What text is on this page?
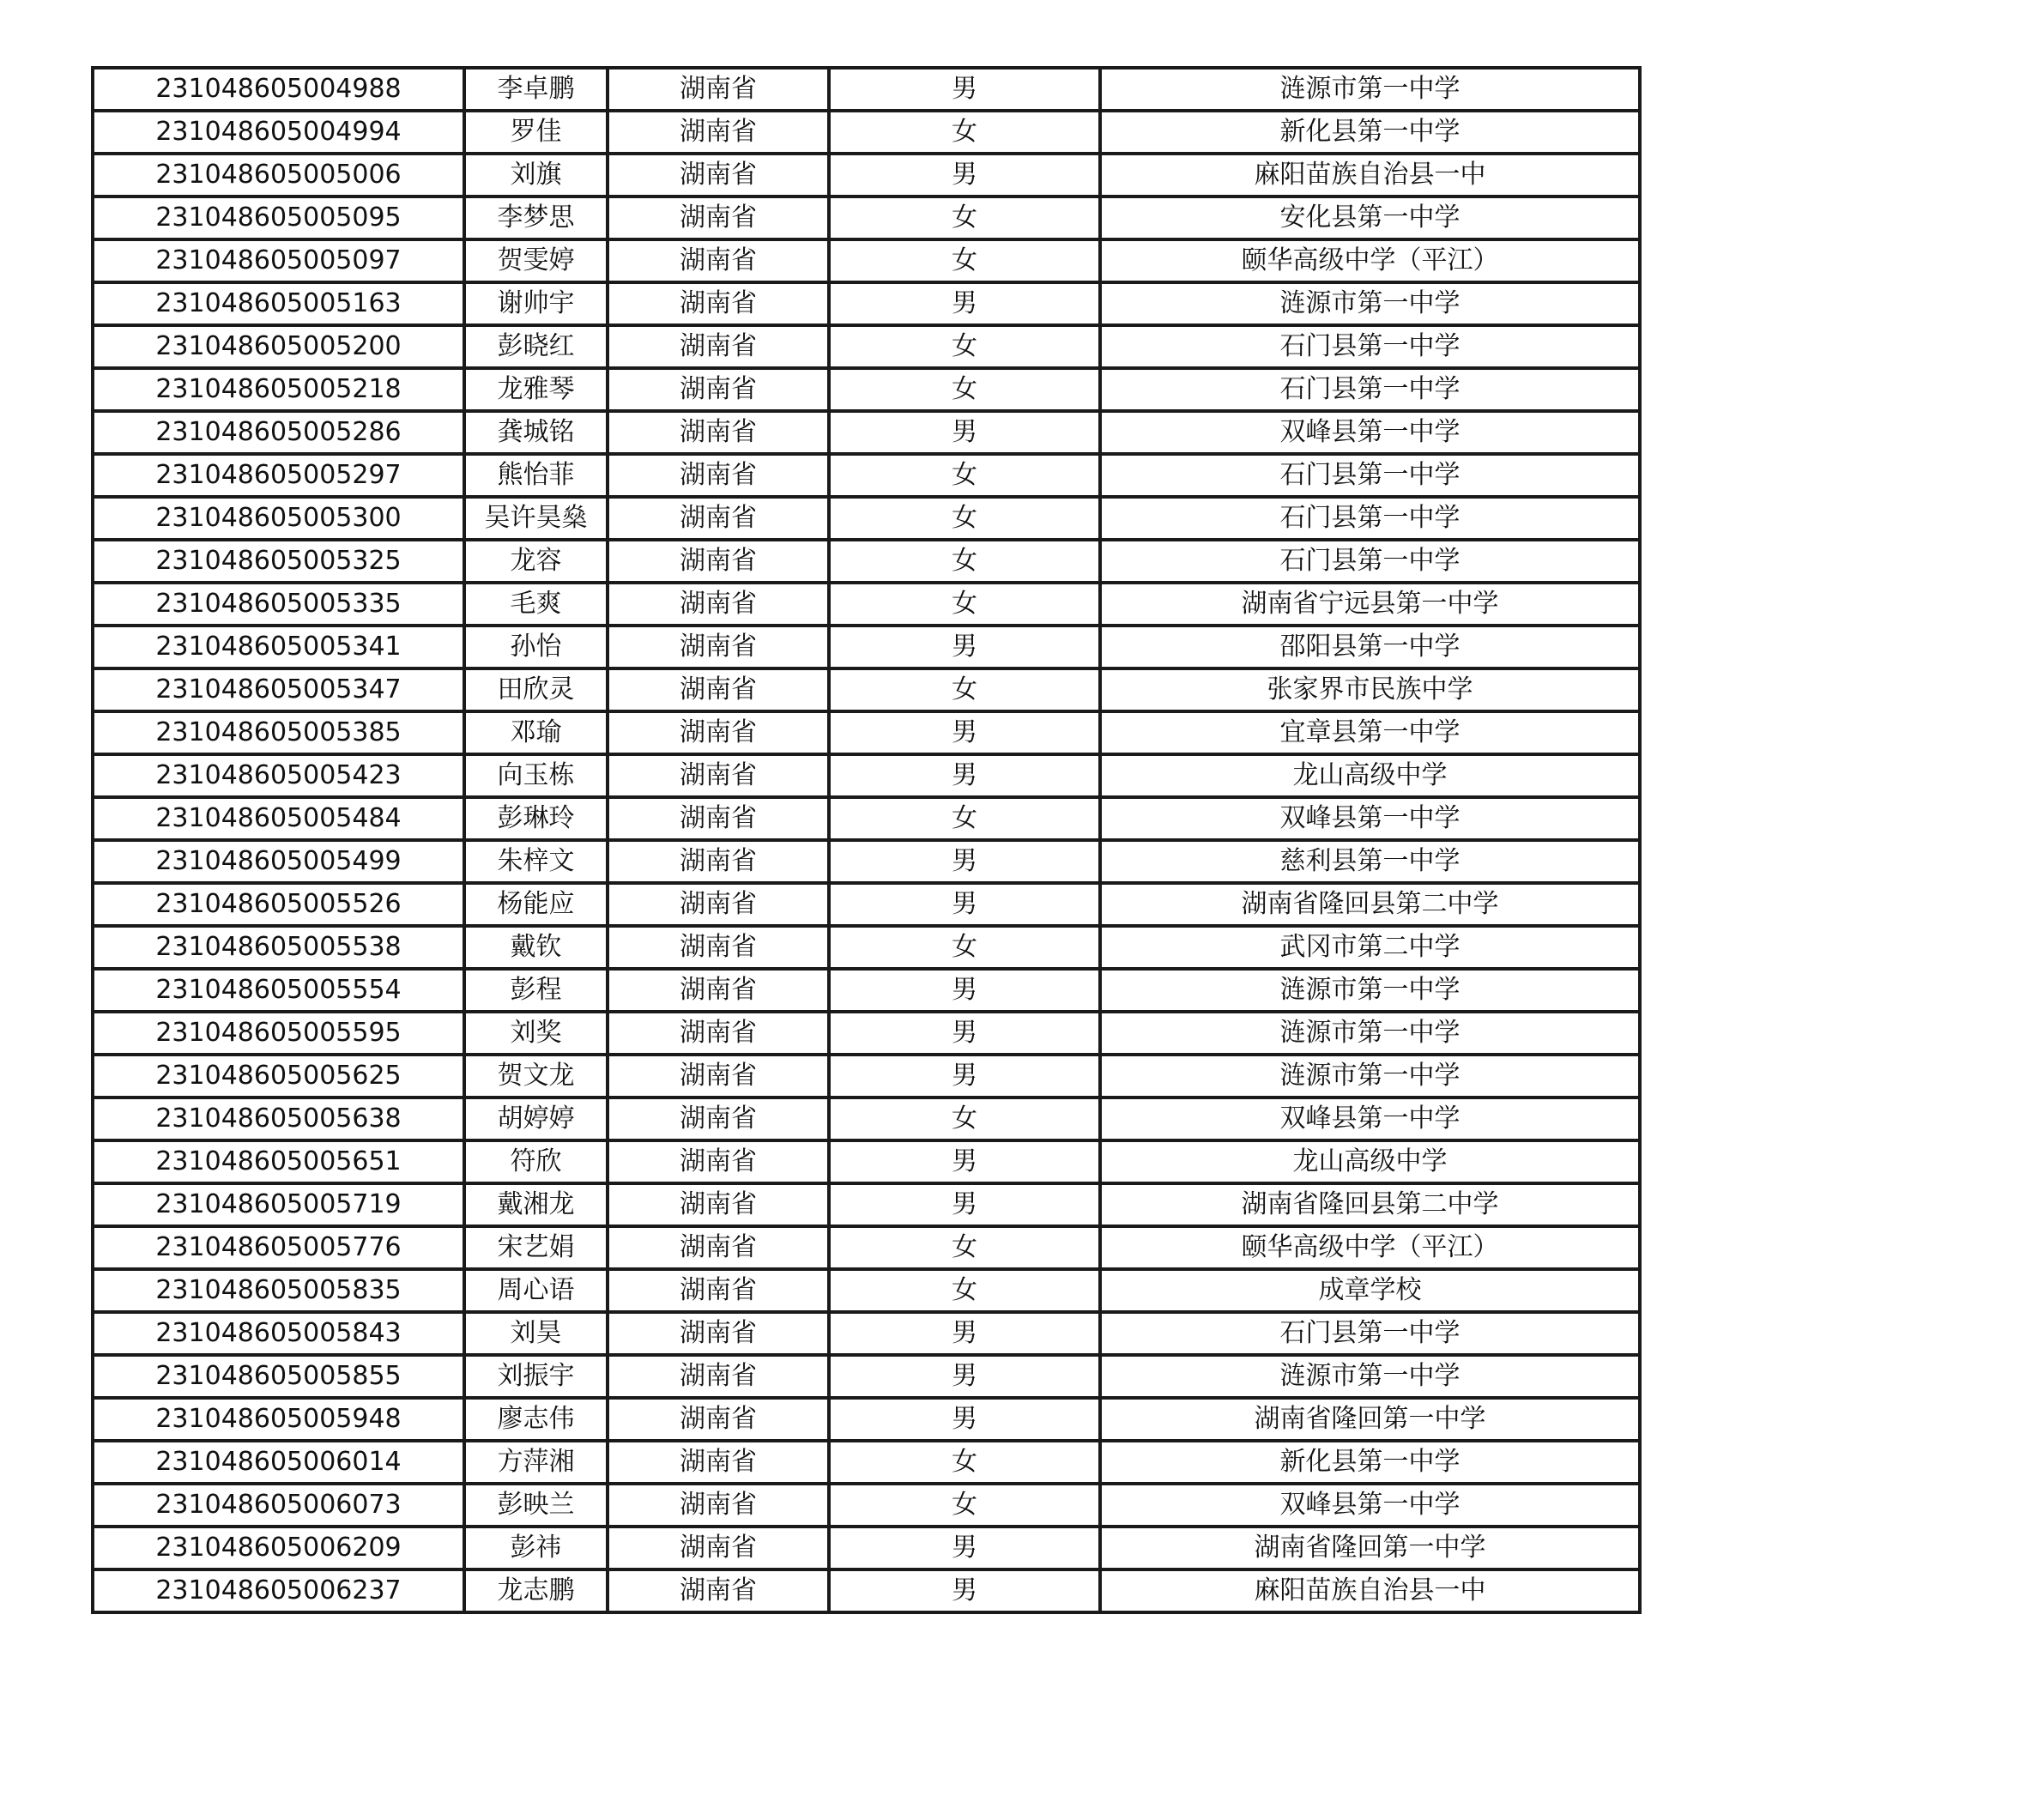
231048605004988	李卓鹏	湖南省	男	涟源市第一中学
231048605004994	罗佳	湖南省	女	新化县第一中学
231048605005006	刘旗	湖南省	男	麻阳苗族自治县一中
231048605005095	李梦思	湖南省	女	安化县第一中学
231048605005097	贺雯婷	湖南省	女	颐华高级中学（平江）
231048605005163	谢帅宇	湖南省	男	涟源市第一中学
231048605005200	彭晓红	湖南省	女	石门县第一中学
231048605005218	龙雅琴	湖南省	女	石门县第一中学
231048605005286	龚城铭	湖南省	男	双峰县第一中学
231048605005297	熊怡菲	湖南省	女	石门县第一中学
231048605005300	吴许昊燊	湖南省	女	石门县第一中学
231048605005325	龙容	湖南省	女	石门县第一中学
231048605005335	毛爽	湖南省	女	湖南省宁远县第一中学
231048605005341	孙怡	湖南省	男	邵阳县第一中学
231048605005347	田欣灵	湖南省	女	张家界市民族中学
231048605005385	邓瑜	湖南省	男	宜章县第一中学
231048605005423	向玉栋	湖南省	男	龙山高级中学
231048605005484	彭琳玲	湖南省	女	双峰县第一中学
231048605005499	朱梓文	湖南省	男	慈利县第一中学
231048605005526	杨能应	湖南省	男	湖南省隆回县第二中学
231048605005538	戴钦	湖南省	女	武冈市第二中学
231048605005554	彭程	湖南省	男	涟源市第一中学
231048605005595	刘奖	湖南省	男	涟源市第一中学
231048605005625	贺文龙	湖南省	男	涟源市第一中学
231048605005638	胡婷婷	湖南省	女	双峰县第一中学
231048605005651	符欣	湖南省	男	龙山高级中学
231048605005719	戴湘龙	湖南省	男	湖南省隆回县第二中学
231048605005776	宋艺娟	湖南省	女	颐华高级中学（平江）
231048605005835	周心语	湖南省	女	成章学校
231048605005843	刘昊	湖南省	男	石门县第一中学
231048605005855	刘振宇	湖南省	男	涟源市第一中学
231048605005948	廖志伟	湖南省	男	湖南省隆回第一中学
231048605006014	方萍湘	湖南省	女	新化县第一中学
231048605006073	彭映兰	湖南省	女	双峰县第一中学
231048605006209	彭祎	湖南省	男	湖南省隆回第一中学
231048605006237	龙志鹏	湖南省	男	麻阳苗族自治县一中
